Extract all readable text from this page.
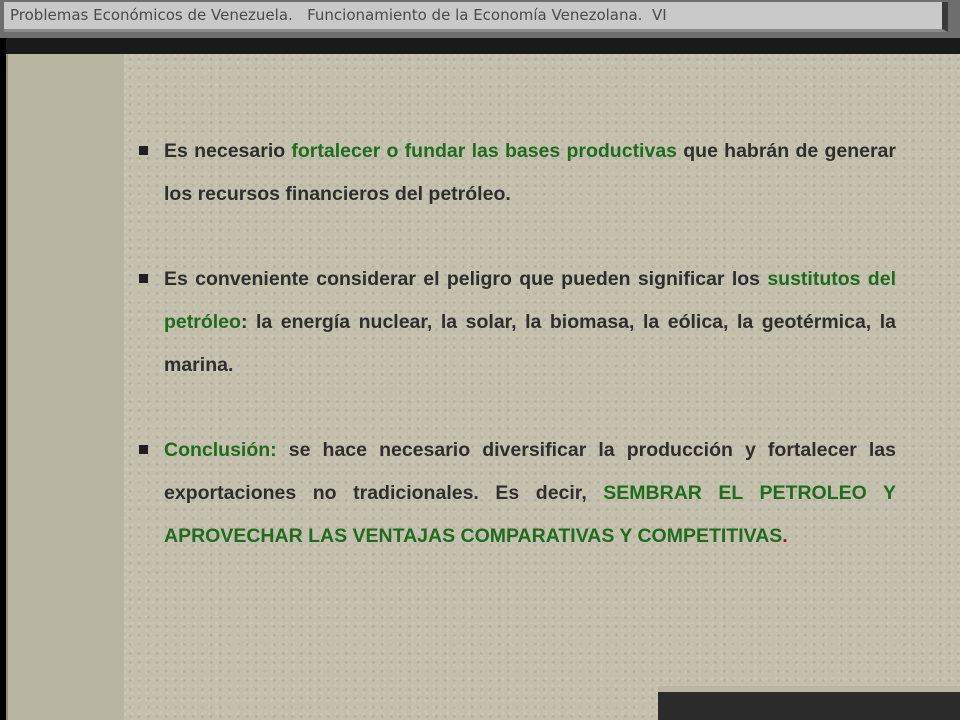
Problemas Económicos de Venezuela.   Funcionamiento de la Economía Venezolana.  VI
Es necesario fortalecer o fundar las bases productivas que habrán de generar los recursos financieros del petróleo.
Es conveniente considerar el peligro que pueden significar los sustitutos del petróleo: la energía nuclear, la solar, la biomasa, la eólica, la geotérmica, la marina.
Conclusión: se hace necesario diversificar la producción y fortalecer las exportaciones no tradicionales. Es decir, SEMBRAR EL PETROLEO Y APROVECHAR LAS VENTAJAS COMPARATIVAS Y COMPETITIVAS.
